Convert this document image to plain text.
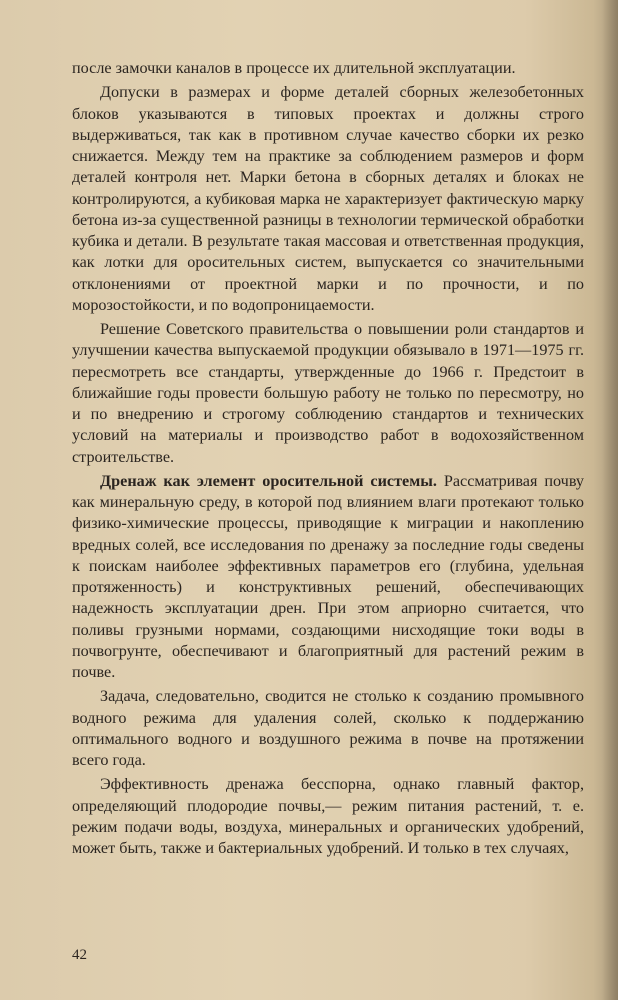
после замочки каналов в процессе их длительной эксплуатации.

Допуски в размерах и форме деталей сборных железобетонных блоков указываются в типовых проектах и должны строго выдерживаться, так как в противном случае качество сборки их резко снижается. Между тем на практике за соблюдением размеров и форм деталей контроля нет. Марки бетона в сборных деталях и блоках не контролируются, а кубиковая марка не характеризует фактическую марку бетона из-за существенной разницы в технологии термической обработки кубика и детали. В результате такая массовая и ответственная продукция, как лотки для оросительных систем, выпускается со значительными отклонениями от проектной марки и по прочности, и по морозостойкости, и по водопроницаемости.

Решение Советского правительства о повышении роли стандартов и улучшении качества выпускаемой продукции обязывало в 1971—1975 гг. пересмотреть все стандарты, утвержденные до 1966 г. Предстоит в ближайшие годы провести большую работу не только по пересмотру, но и по внедрению и строгому соблюдению стандартов и технических условий на материалы и производство работ в водохозяйственном строительстве.

Дренаж как элемент оросительной системы. Рассматривая почву как минеральную среду, в которой под влиянием влаги протекают только физико-химические процессы, приводящие к миграции и накоплению вредных солей, все исследования по дренажу за последние годы сведены к поискам наиболее эффективных параметров его (глубина, удельная протяженность) и конструктивных решений, обеспечивающих надежность эксплуатации дрен. При этом априорно считается, что поливы грузными нормами, создающими нисходящие токи воды в почвогрунте, обеспечивают и благоприятный для растений режим в почве.

Задача, следовательно, сводится не столько к созданию промывного водного режима для удаления солей, сколько к поддержанию оптимального водного и воздушного режима в почве на протяжении всего года.

Эффективность дренажа бесспорна, однако главный фактор, определяющий плодородие почвы,— режим питания растений, т. е. режим подачи воды, воздуха, минеральных и органических удобрений, может быть, также и бактериальных удобрений. И только в тех случаях,

42
